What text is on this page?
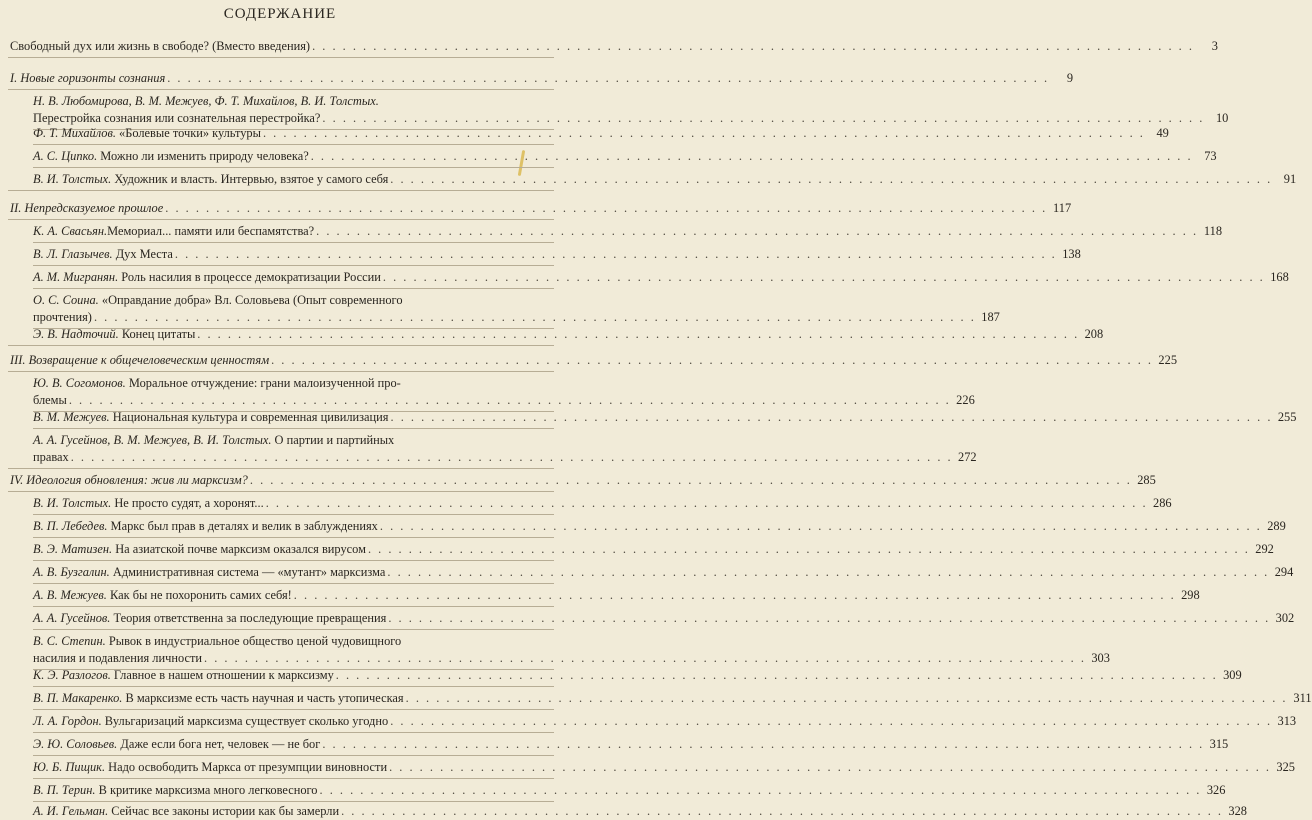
СОДЕРЖАНИЕ
Свободный дух или жизнь в свободе? (Вместо введения) . . .	3
I. Новые горизонты сознания . . .	9
Н. В. Любомирова, В. М. Межуев, Ф. Т. Михайлов, В. И. Толстых.
Перестройка сознания или сознательная перестройка? . . .	10
Ф. Т. Михайлов. «Болевые точки» культуры . . .	49
А. С. Ципко. Можно ли изменить природу человека? . . .	73
В. И. Толстых. Художник и власть. Интервью, взятое у самого себя . . .	91
II. Непредсказуемое прошлое . . .	117
К. А. Свасьян.Мемориал... памяти или беспамятства? . . .	118
В. Л. Глазычев. Дух Места . . .	138
А. М. Мигранян. Роль насилия в процессе демократизации России . . .	168
О. С. Соина. «Оправдание добра» Вл. Соловьева (Опыт современного
прочтения) . . .	187
Э. В. Надточий. Конец цитаты . . .	208
III. Возвращение к общечеловеческим ценностям . . .	225
Ю. В. Согомонов. Моральное отчуждение: грани малоизученной про-
блемы . . .	226
В. М. Межуев. Национальная культура и современная цивилизация . . .	255
А. А. Гусейнов, В. М. Межуев, В. И. Толстых. О партии и партийных
правах . . .	272
IV. Идеология обновления: жив ли марксизм? . . .	285
В. И. Толстых. Не просто судят, а хоронят... . . .	286
В. П. Лебедев. Маркс был прав в деталях и велик в заблуждениях . . .	289
В. Э. Матизен. На азиатской почве марксизм оказался вирусом . . .	292
А. В. Бузгалин. Административная система — «мутант» марксизма . . .	294
А. В. Межуев. Как бы не похоронить самих себя! . . .	298
А. А. Гусейнов. Теория ответственна за последующие превращения . . .	302
В. С. Степин. Рывок в индустриальное общество ценой чудовищного
насилия и подавления личности . . .	303
К. Э. Разлогов. Главное в нашем отношении к марксизму . . .	309
В. П. Макаренко. В марксизме есть часть научная и часть утопическая . . .	311
Л. А. Гордон. Вульгаризаций марксизма существует сколько угодно . . .	313
Э. Ю. Соловьев. Даже если бога нет, человек — не бог . . .	315
Ю. Б. Пищик. Надо освободить Маркса от презумпции виновности . . .	325
В. П. Терин. В критике марксизма много легковесного . . .	326
А. И. Гельман. Сейчас все законы истории как бы замерли . . .	328
